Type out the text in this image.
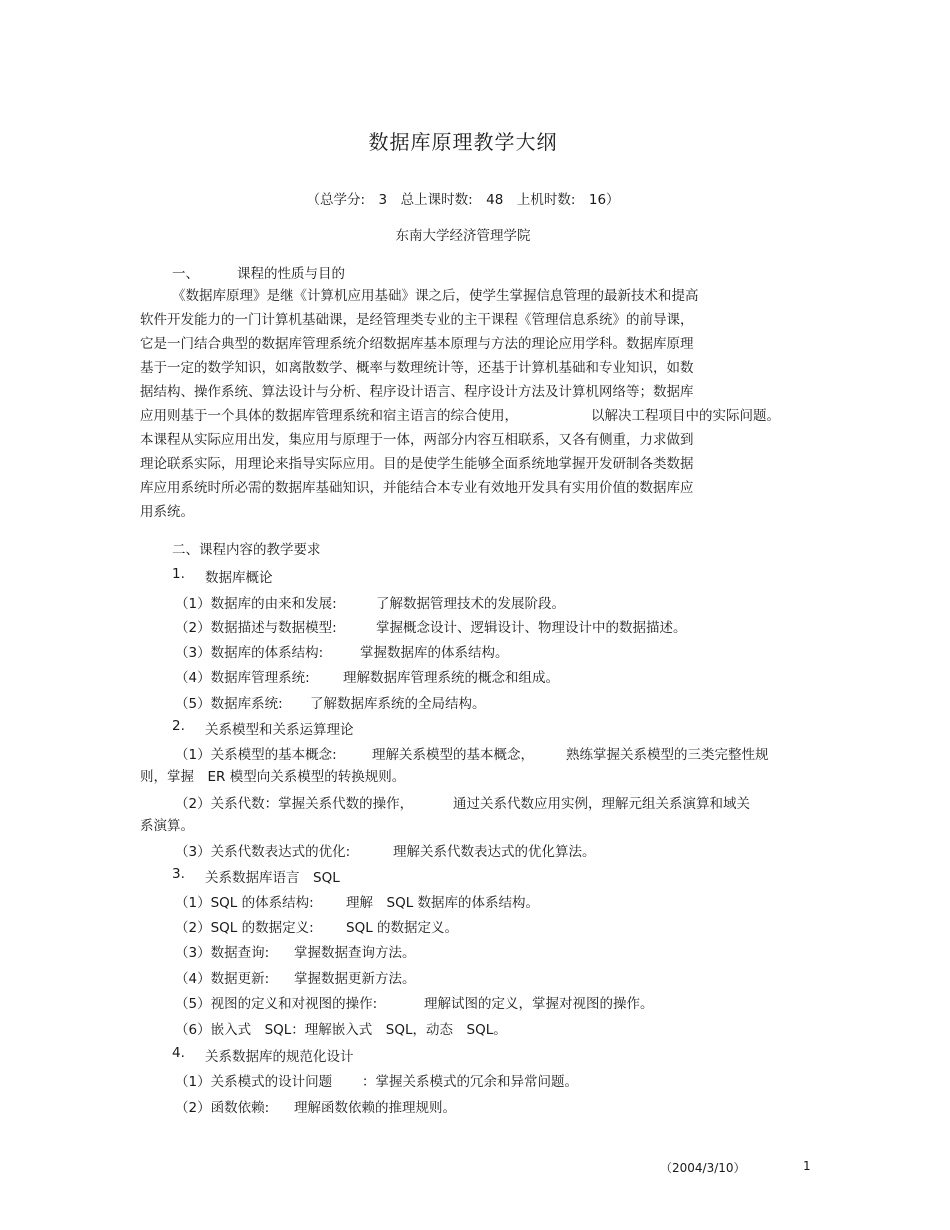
数据库原理教学大纲
（总学分:　3　总上课时数:　48　上机时数:　16）
东南大学经济管理学院
一、	课程的性质与目的
《数据库原理》是继《计算机应用基础》课之后，使学生掌握信息管理的最新技术和提高
软件开发能力的一门计算机基础课，是经管理类专业的主干课程《管理信息系统》的前导课，
它是一门结合典型的数据库管理系统介绍数据库基本原理与方法的理论应用学科。数据库原理
基于一定的数学知识，如离散数学、概率与数理统计等，还基于计算机基础和专业知识，如数
据结构、操作系统、算法设计与分析、程序设计语言、程序设计方法及计算机网络等；数据库
应用则基于一个具体的数据库管理系统和宿主语言的综合使用，	以解决工程项目中的实际问题。
本课程从实际应用出发，集应用与原理于一体，两部分内容互相联系，又各有侧重，力求做到
理论联系实际，用理论来指导实际应用。目的是使学生能够全面系统地掌握开发研制各类数据
库应用系统时所必需的数据库基础知识，并能结合本专业有效地开发具有实用价值的数据库应
用系统。
二、课程内容的教学要求
1. 数据库概论
（1）数据库的由来和发展:	了解数据管理技术的发展阶段。
（2）数据描述与数据模型:	掌握概念设计、逻辑设计、物理设计中的数据描述。
（3）数据库的体系结构:	掌握数据库的体系结构。
（4）数据库管理系统: 理解数据库管理系统的概念和组成。
（5）数据库系统: 了解数据库系统的全局结构。
2. 关系模型和关系运算理论
（1）关系模型的基本概念:	理解关系模型的基本概念， 熟练掌握关系模型的三类完整性规
则，掌握　ER 模型向关系模型的转换规则。
（2）关系代数：掌握关系代数的操作，	通过关系代数应用实例，理解元组关系演算和域关
系演算。
（3）关系代数表达式的优化:	理解关系代数表达式的优化算法。
3. 关系数据库语言　SQL
（1）SQL 的体系结构: 理解　SQL 数据库的体系结构。
（2）SQL 的数据定义: SQL 的数据定义。
（3）数据查询: 掌握数据查询方法。
（4）数据更新: 掌握数据更新方法。
（5）视图的定义和对视图的操作:	理解试图的定义，掌握对视图的操作。
（6）嵌入式　SQL：理解嵌入式　SQL，动态　SQL。
4. 关系数据库的规范化设计
（1）关系模式的设计问题 ：掌握关系模式的冗余和异常问题。
（2）函数依赖: 理解函数依赖的推理规则。
（2004/3/10）	1
